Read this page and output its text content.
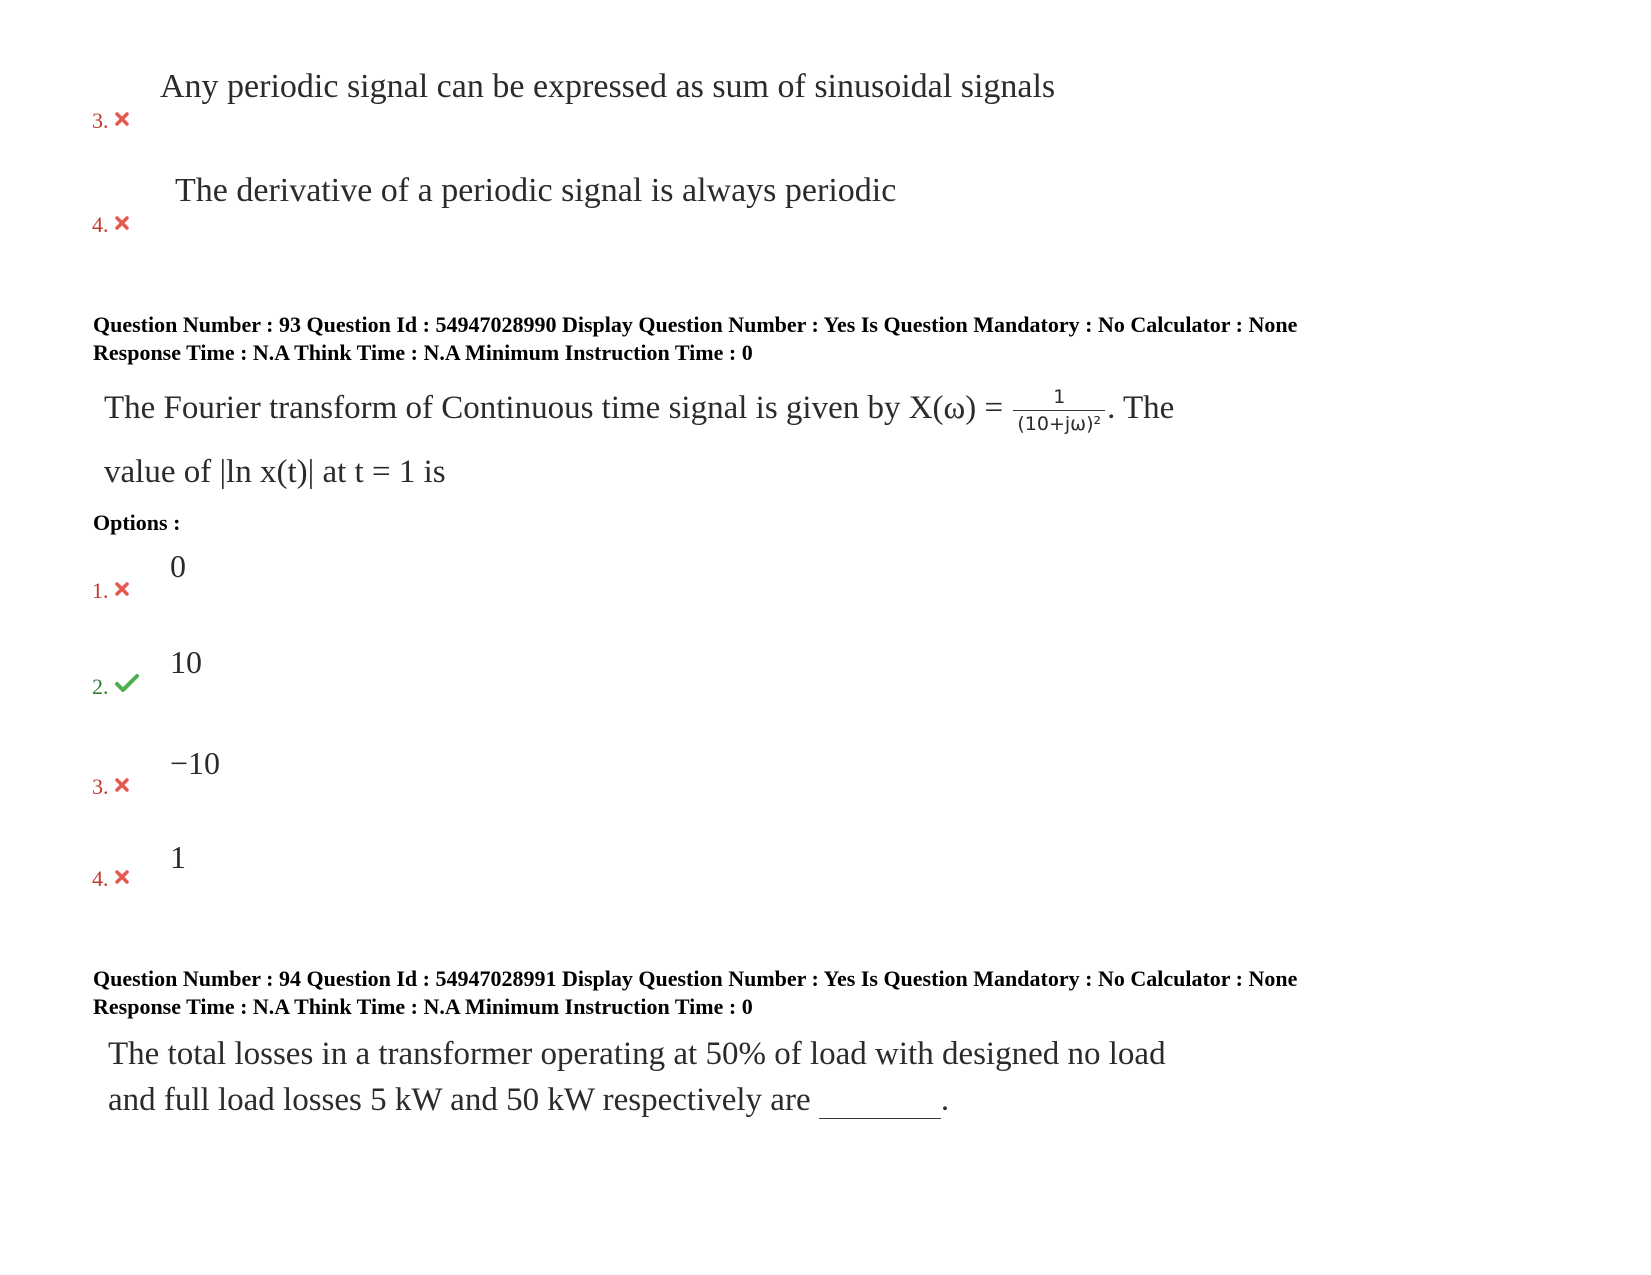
Any periodic signal can be expressed as sum of sinusoidal signals
3.
The derivative of a periodic signal is always periodic
4.
Question Number : 93 Question Id : 54947028990 Display Question Number : Yes Is Question Mandatory : No Calculator : None
Response Time : N.A Think Time : N.A Minimum Instruction Time : 0
The Fourier transform of Continuous time signal is given by $X(\omega) = \frac{1}{\text{(10+jω)²}}$ . The
value of |ln x(t)| at t = 1 is
Options :
0
1.
10
2.
−10
3.
1
4.
Question Number : 94 Question Id : 54947028991 Display Question Number : Yes Is Question Mandatory : No Calculator : None
Response Time : N.A Think Time : N.A Minimum Instruction Time : 0
The total losses in a transformer operating at 50% of load with designed no load
and full load losses 5 kW and 50 kW respectively are	.
